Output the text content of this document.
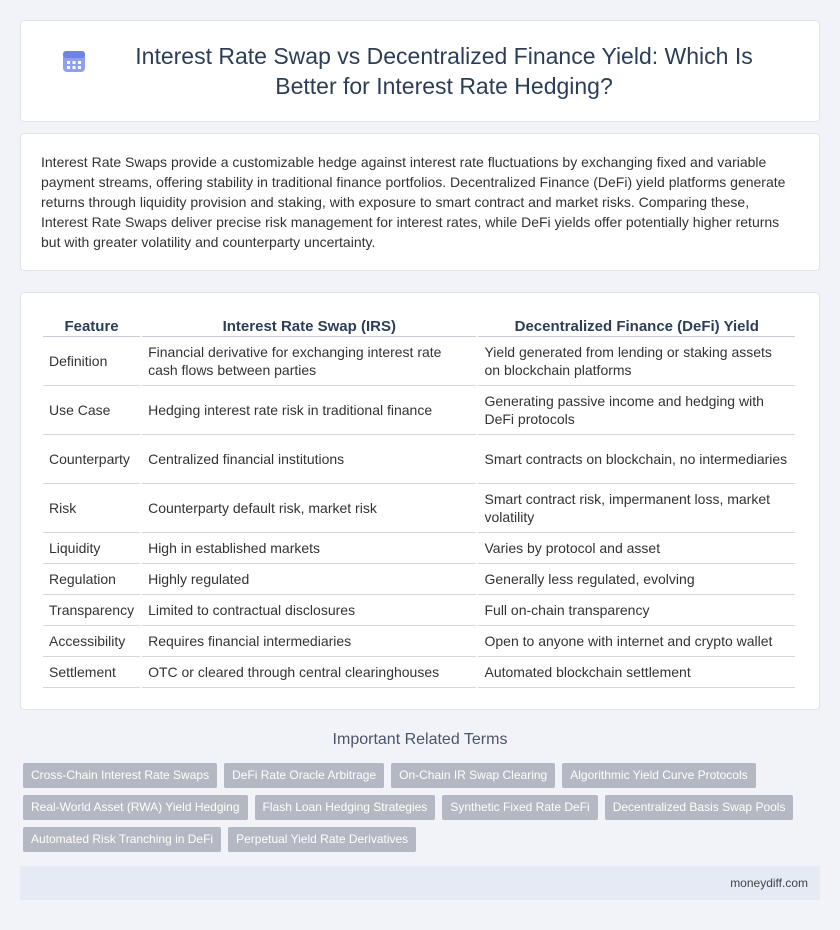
Interest Rate Swap vs Decentralized Finance Yield: Which Is Better for Interest Rate Hedging?

Interest Rate Swaps provide a customizable hedge against interest rate fluctuations by exchanging fixed and variable payment streams, offering stability in traditional finance portfolios. Decentralized Finance (DeFi) yield platforms generate returns through liquidity provision and staking, with exposure to smart contract and market risks. Comparing these, Interest Rate Swaps deliver precise risk management for interest rates, while DeFi yields offer potentially higher returns but with greater volatility and counterparty uncertainty.

Feature	Interest Rate Swap (IRS)	Decentralized Finance (DeFi) Yield
Definition	Financial derivative for exchanging interest rate cash flows between parties	Yield generated from lending or staking assets on blockchain platforms
Use Case	Hedging interest rate risk in traditional finance	Generating passive income and hedging with DeFi protocols
Counterparty	Centralized financial institutions	Smart contracts on blockchain, no intermediaries
Risk	Counterparty default risk, market risk	Smart contract risk, impermanent loss, market volatility
Liquidity	High in established markets	Varies by protocol and asset
Regulation	Highly regulated	Generally less regulated, evolving
Transparency	Limited to contractual disclosures	Full on-chain transparency
Accessibility	Requires financial intermediaries	Open to anyone with internet and crypto wallet
Settlement	OTC or cleared through central clearinghouses	Automated blockchain settlement
Important Related Terms
Cross-Chain Interest Rate Swaps	DeFi Rate Oracle Arbitrage	On-Chain IR Swap Clearing	Algorithmic Yield Curve Protocols
Real-World Asset (RWA) Yield Hedging	Flash Loan Hedging Strategies	Synthetic Fixed Rate DeFi	Decentralized Basis Swap Pools
Automated Risk Tranching in DeFi	Perpetual Yield Rate Derivatives
moneydiff.com
